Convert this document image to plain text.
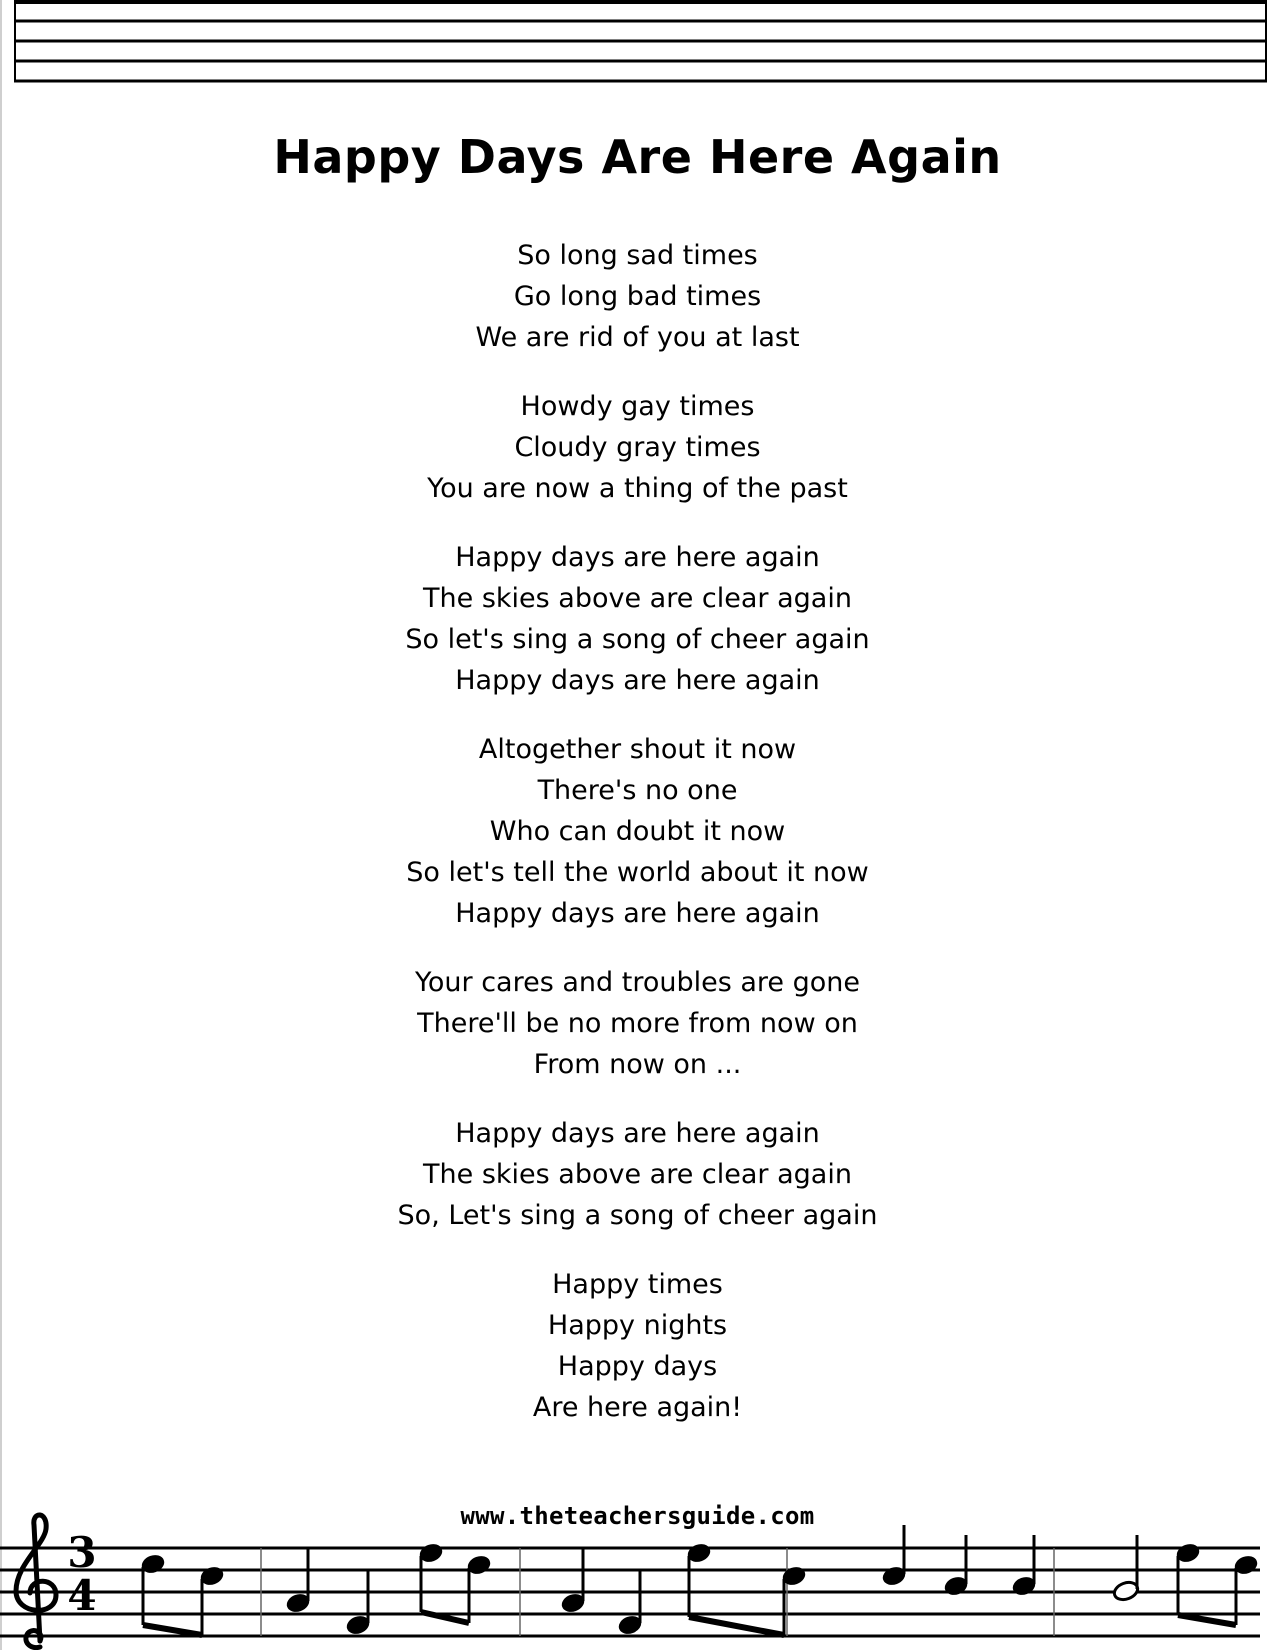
Happy Days Are Here Again

So long sad times
Go long bad times
We are rid of you at last

Howdy gay times
Cloudy gray times
You are now a thing of the past

Happy days are here again
The skies above are clear again
So let's sing a song of cheer again
Happy days are here again

Altogether shout it now
There's no one
Who can doubt it now
So let's tell the world about it now
Happy days are here again

Your cares and troubles are gone
There'll be no more from now on
From now on ...

Happy days are here again
The skies above are clear again
So, Let's sing a song of cheer again

Happy times
Happy nights
Happy days
Are here again!

www.theteachersguide.com
3
4
